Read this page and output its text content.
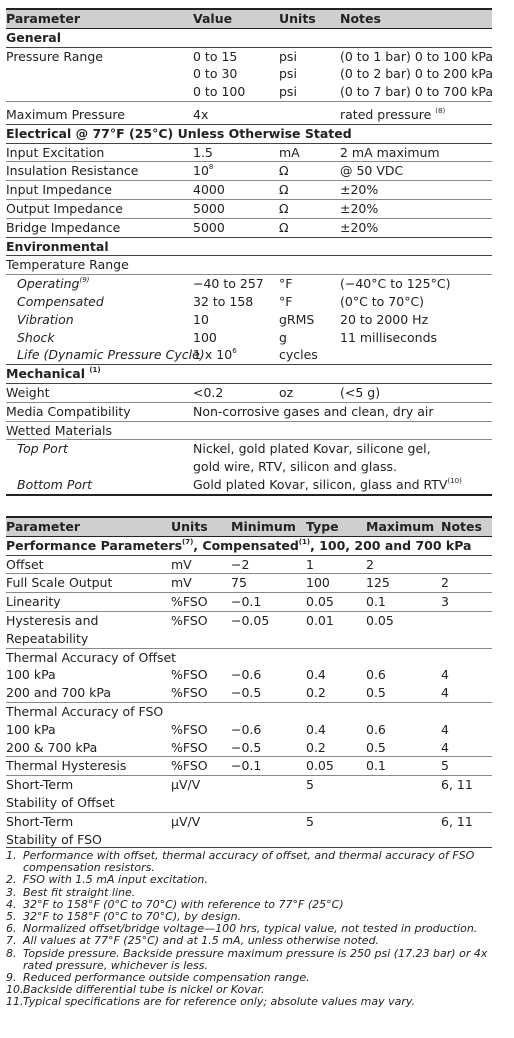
Parameter	Value	Units	Notes
General			
Pressure Range	0 to 15	psi	(0 to 1 bar) 0 to 100 kPa
	0 to 30	psi	(0 to 2 bar) 0 to 200 kPa
	0 to 100	psi	(0 to 7 bar) 0 to 700 kPa

Maximum Pressure	4x		rated pressure $^{(8)}$
Electrical @ 77°F (25°C) Unless Otherwise Stated			
Input Excitation	1.5	mA	2 mA maximum
Insulation Resistance	$10^8$	Ω	@ 50 VDC
Input Impedance	4000	Ω	±20%
Output Impedance	5000	Ω	±20%
Bridge Impedance	5000	Ω	±20%
Environmental			
Temperature Range			
Operating$^{(9)}$	−40 to 257	°F	(−40°C to 125°C)
Compensated	32 to 158	°F	(0°C to 70°C)
Vibration	10	gRMS	20 to 2000 Hz
Shock	100	g	11 milliseconds
Life (Dynamic Pressure Cycle)	1 x $10^6$	cycles	
Mechanical $^{(1)}$
Weight	<0.2	oz	(<5 g)
Media Compatibility	Non-corrosive gases and clean, dry air		
Wetted Materials			
Top Port	Nickel, gold plated Kovar, silicone gel,		
	gold wire, RTV, silicon and glass.		
Bottom Port	Gold plated Kovar, silicon, glass and RTV$^{(10)}$
Parameter	Units	Minimum	Type	Maximum	Notes
Performance Parameters$^{(7)}$, Compensated$^{(1)}$, 100, 200 and 700 kPa					
Offset	mV	−2	1	2	
Full Scale Output	mV	75	100	125	2
Linearity	%FSO	−0.1	0.05	0.1	3
Hysteresis and	%FSO	−0.05	0.01	0.05	
Repeatability					
Thermal Accuracy of Offset					
100 kPa	%FSO	−0.6	0.4	0.6	4
200 and 700 kPa	%FSO	−0.5	0.2	0.5	4
Thermal Accuracy of FSO					
100 kPa	%FSO	−0.6	0.4	0.6	4
200 & 700 kPa	%FSO	−0.5	0.2	0.5	4
Thermal Hysteresis	%FSO	−0.1	0.05	0.1	5
Short-Term	µV/V		5		6, 11
Stability of Offset					
Short-Term	µV/V		5		6, 11
Stability of FSO					
1. Performance with offset, thermal accuracy of offset, and thermal accuracy of FSO compensation resistors.
2. FSO with 1.5 mA input excitation.
3. Best fit straight line.
4. 32°F to 158°F (0°C to 70°C) with reference to 77°F (25°C)
5. 32°F to 158°F (0°C to 70°C), by design.
6. Normalized offset/bridge voltage—100 hrs, typical value, not tested in production.
7. All values at 77°F (25°C) and at 1.5 mA, unless otherwise noted.
8. Topside pressure. Backside pressure maximum pressure is 250 psi (17.23 bar) or 4x rated pressure, whichever is less.
9. Reduced performance outside compensation range.
10. Backside differential tube is nickel or Kovar.
11. Typical specifications are for reference only; absolute values may vary.
